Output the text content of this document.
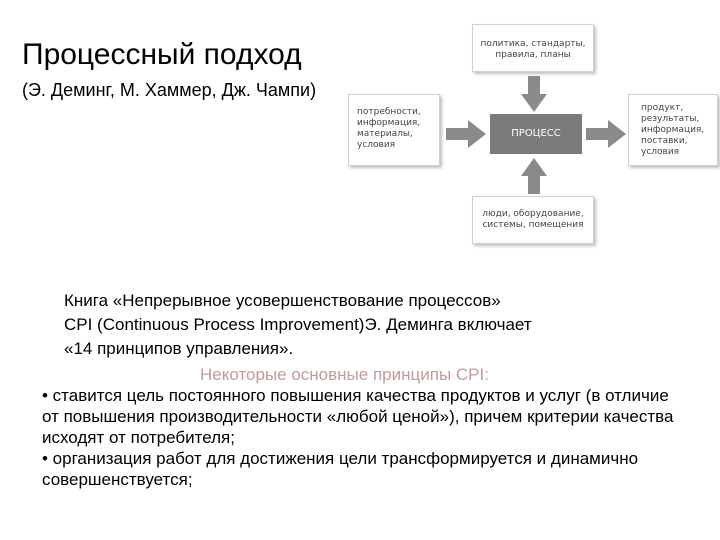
Процессный подход
(Э. Деминг, М. Хаммер, Дж. Чампи)
политика, стандарты,
правила, планы
потребности,
информация,
материалы,
условия
ПРОЦЕСС
продукт,
результаты,
информация,
поставки,
условия
люди, оборудование,
системы, помещения
Книга «Непрерывное усовершенствование процессов»
CPI (Continuous Process Improvement)Э. Деминга включает
«14 принципов управления».
Некоторые основные принципы CPI:
• ставится цель постоянного повышения качества продуктов и услуг (в отличие от повышения производительности «любой ценой»), причем критерии качества исходят от потребителя;
• организация работ для достижения цели трансформируется и динамично совершенствуется;
